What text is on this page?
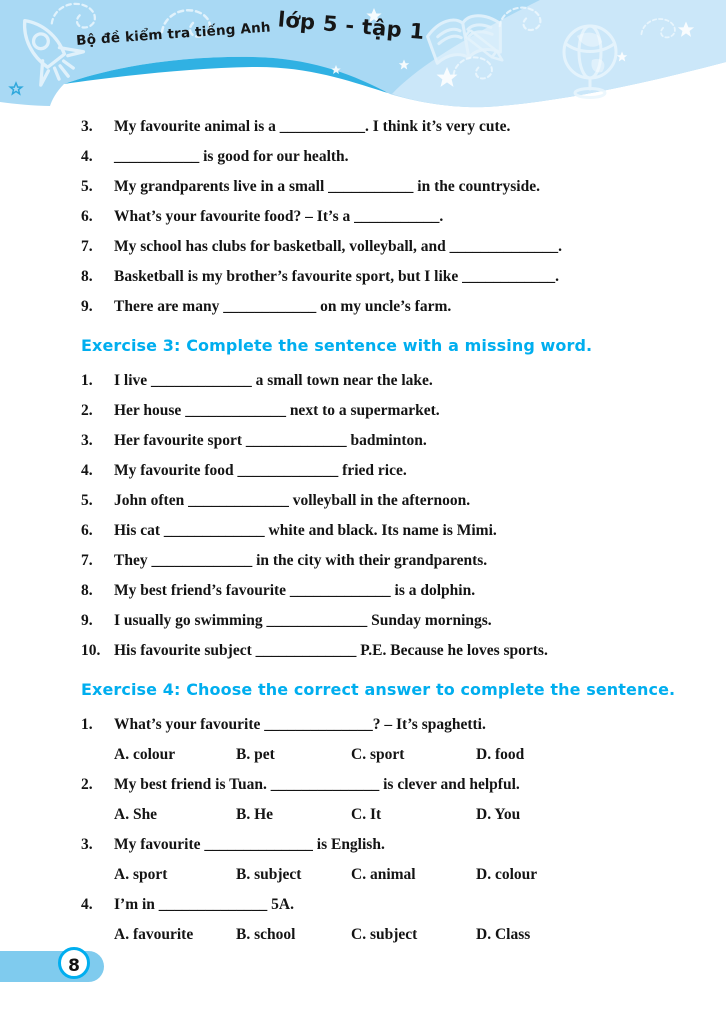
Bộ đề kiểm tra tiếng Anh lớp 5 - tập 1
3. My favourite animal is a ___________. I think it’s very cute.
4. ___________ is good for our health.
5. My grandparents live in a small ___________ in the countryside.
6. What’s your favourite food? – It’s a ___________.
7. My school has clubs for basketball, volleyball, and ______________.
8. Basketball is my brother’s favourite sport, but I like ____________.
9. There are many ____________ on my uncle’s farm.
Exercise 3: Complete the sentence with a missing word.
1. I live _____________ a small town near the lake.
2. Her house _____________ next to a supermarket.
3. Her favourite sport _____________ badminton.
4. My favourite food _____________ fried rice.
5. John often _____________ volleyball in the afternoon.
6. His cat _____________ white and black. Its name is Mimi.
7. They _____________ in the city with their grandparents.
8. My best friend’s favourite _____________ is a dolphin.
9. I usually go swimming _____________ Sunday mornings.
10. His favourite subject _____________ P.E. Because he loves sports.
Exercise 4: Choose the correct answer to complete the sentence.
1. What’s your favourite ______________? – It’s spaghetti.
A. colour	B. pet	C. sport	D. food
2. My best friend is Tuan. ______________ is clever and helpful.
A. She	B. He	C. It	D. You
3. My favourite ______________ is English.
A. sport	B. subject	C. animal	D. colour
4. I’m in ______________ 5A.
A. favourite	B. school	C. subject	D. Class
8
